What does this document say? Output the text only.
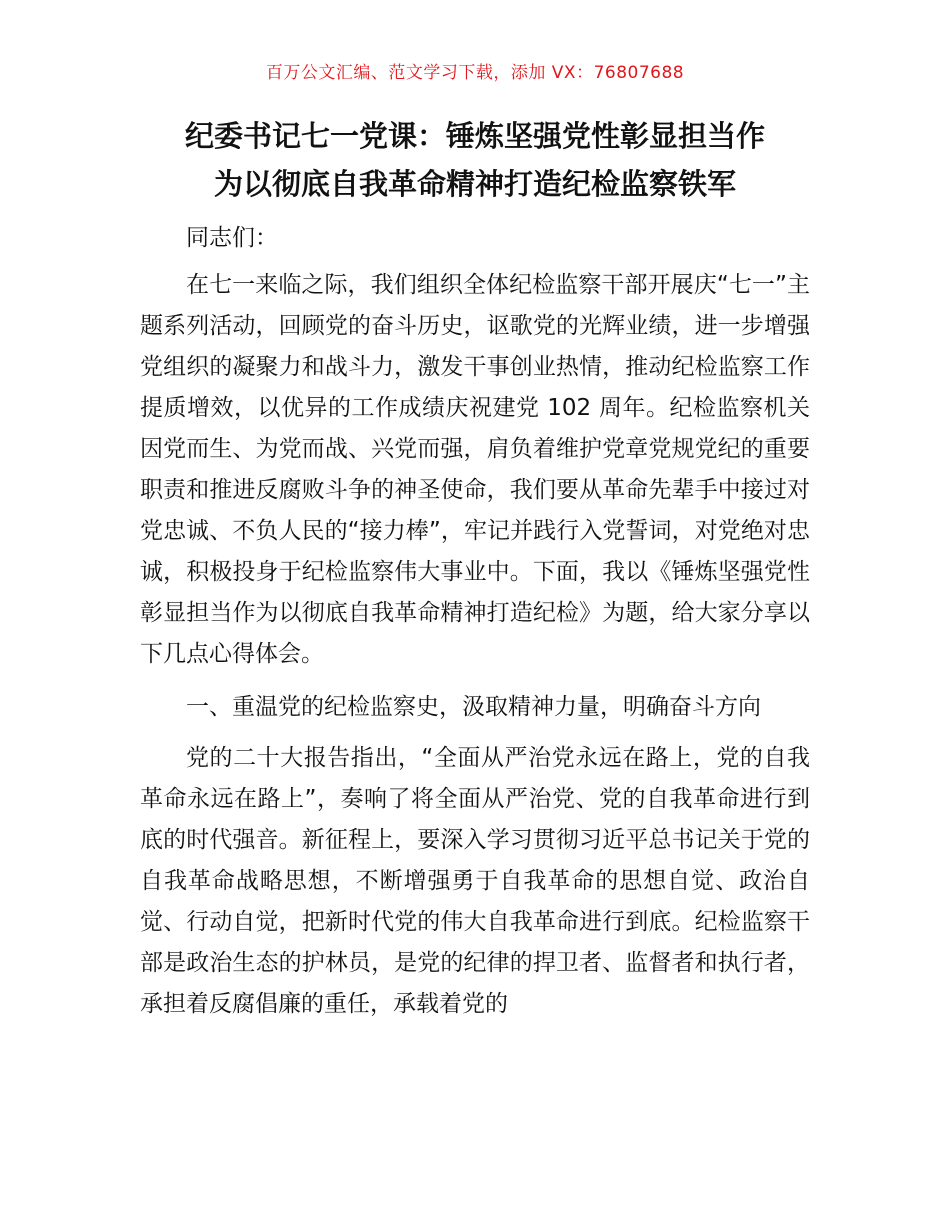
百万公文汇编、范文学习下载，添加 VX：76807688
纪委书记七一党课：锤炼坚强党性彰显担当作
为以彻底自我革命精神打造纪检监察铁军

同志们：

在七一来临之际，我们组织全体纪检监察干部开展庆“七一”主题系列活动，回顾党的奋斗历史，讴歌党的光辉业绩，进一步增强党组织的凝聚力和战斗力，激发干事创业热情，推动纪检监察工作提质增效，以优异的工作成绩庆祝建党 102 周年。纪检监察机关因党而生、为党而战、兴党而强，肩负着维护党章党规党纪的重要职责和推进反腐败斗争的神圣使命，我们要从革命先辈手中接过对党忠诚、不负人民的“接力棒”，牢记并践行入党誓词，对党绝对忠诚，积极投身于纪检监察伟大事业中。下面，我以《锤炼坚强党性彰显担当作为以彻底自我革命精神打造纪检》为题，给大家分享以下几点心得体会。

一、重温党的纪检监察史，汲取精神力量，明确奋斗方向

党的二十大报告指出，“全面从严治党永远在路上，党的自我革命永远在路上”，奏响了将全面从严治党、党的自我革命进行到底的时代强音。新征程上，要深入学习贯彻习近平总书记关于党的自我革命战略思想，不断增强勇于自我革命的思想自觉、政治自觉、行动自觉，把新时代党的伟大自我革命进行到底。纪检监察干部是政治生态的护林员，是党的纪律的捍卫者、监督者和执行者，承担着反腐倡廉的重任，承载着党的
